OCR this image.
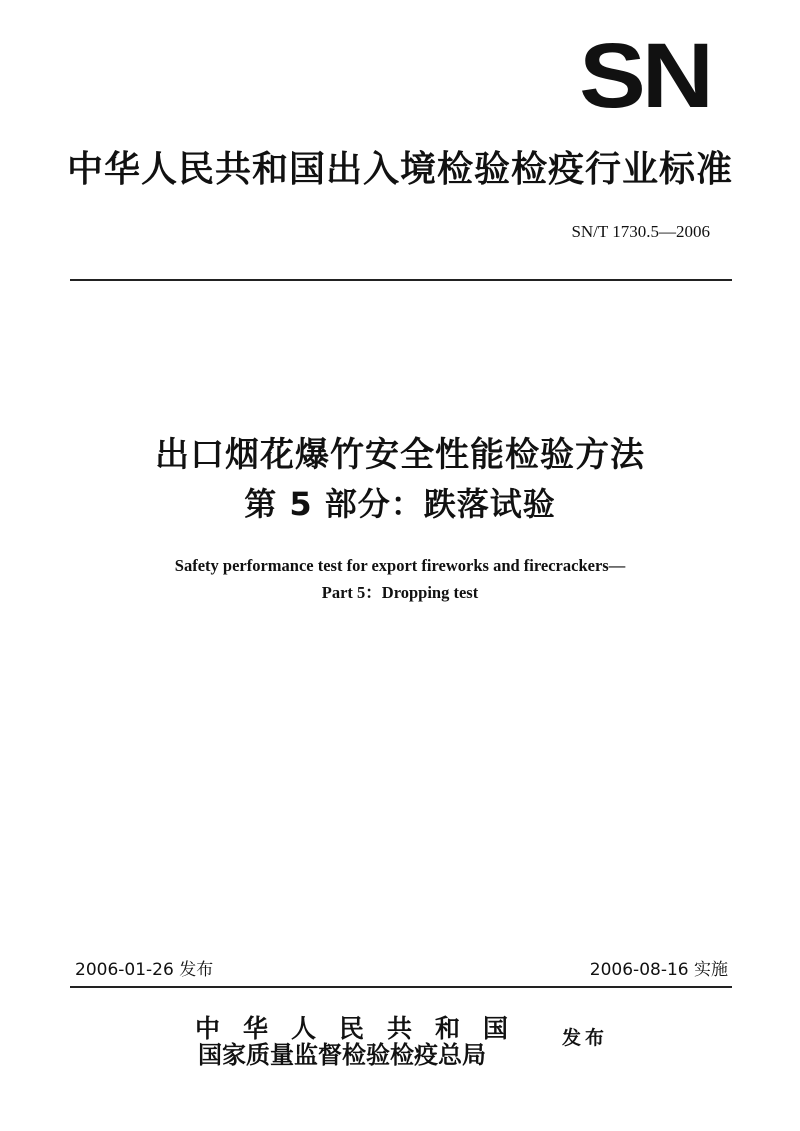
SN
中华人民共和国出入境检验检疫行业标准
SN/T 1730.5—2006
出口烟花爆竹安全性能检验方法
第 5 部分：跌落试验
Safety performance test for export fireworks and firecrackers—
Part 5：Dropping test
2006-01-26 发布	2006-08-16 实施
中华人民共和国
国家质量监督检验检疫总局
发布
